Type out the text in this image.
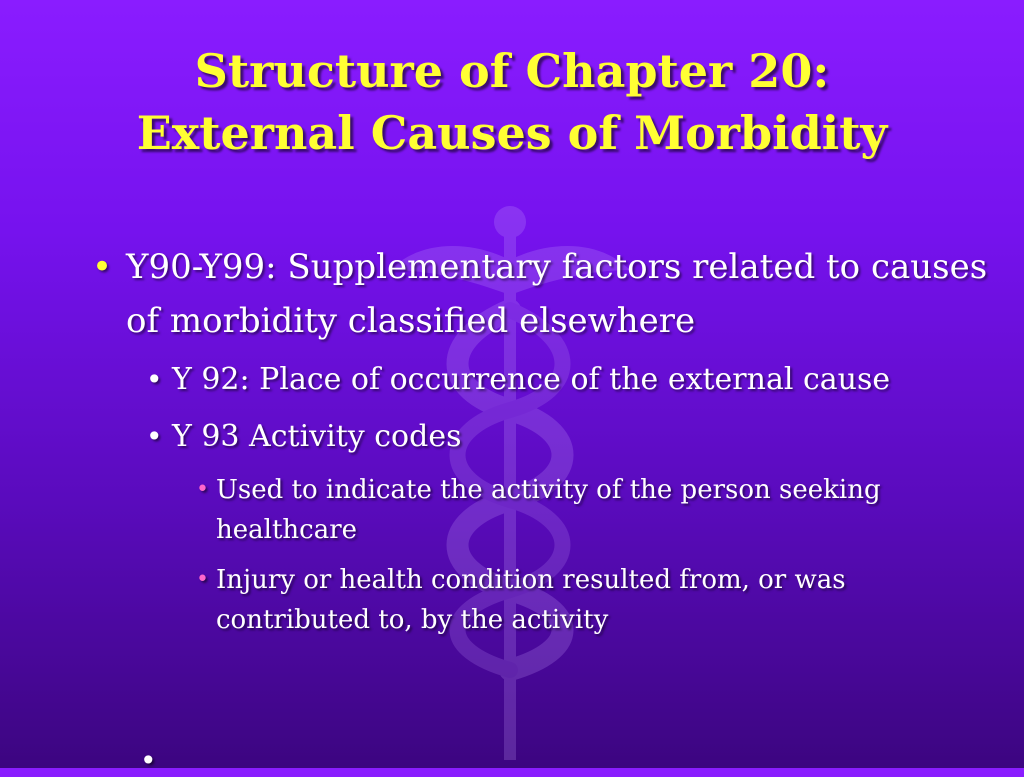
Structure of Chapter 20:
External Causes of Morbidity
• Y90-Y99: Supplementary factors related to causes of morbidity classified elsewhere
• Y 92: Place of occurrence of the external cause
• Y 93 Activity codes
• Used to indicate the activity of the person seeking healthcare
• Injury or health condition resulted from, or was contributed to, by the activity
•
